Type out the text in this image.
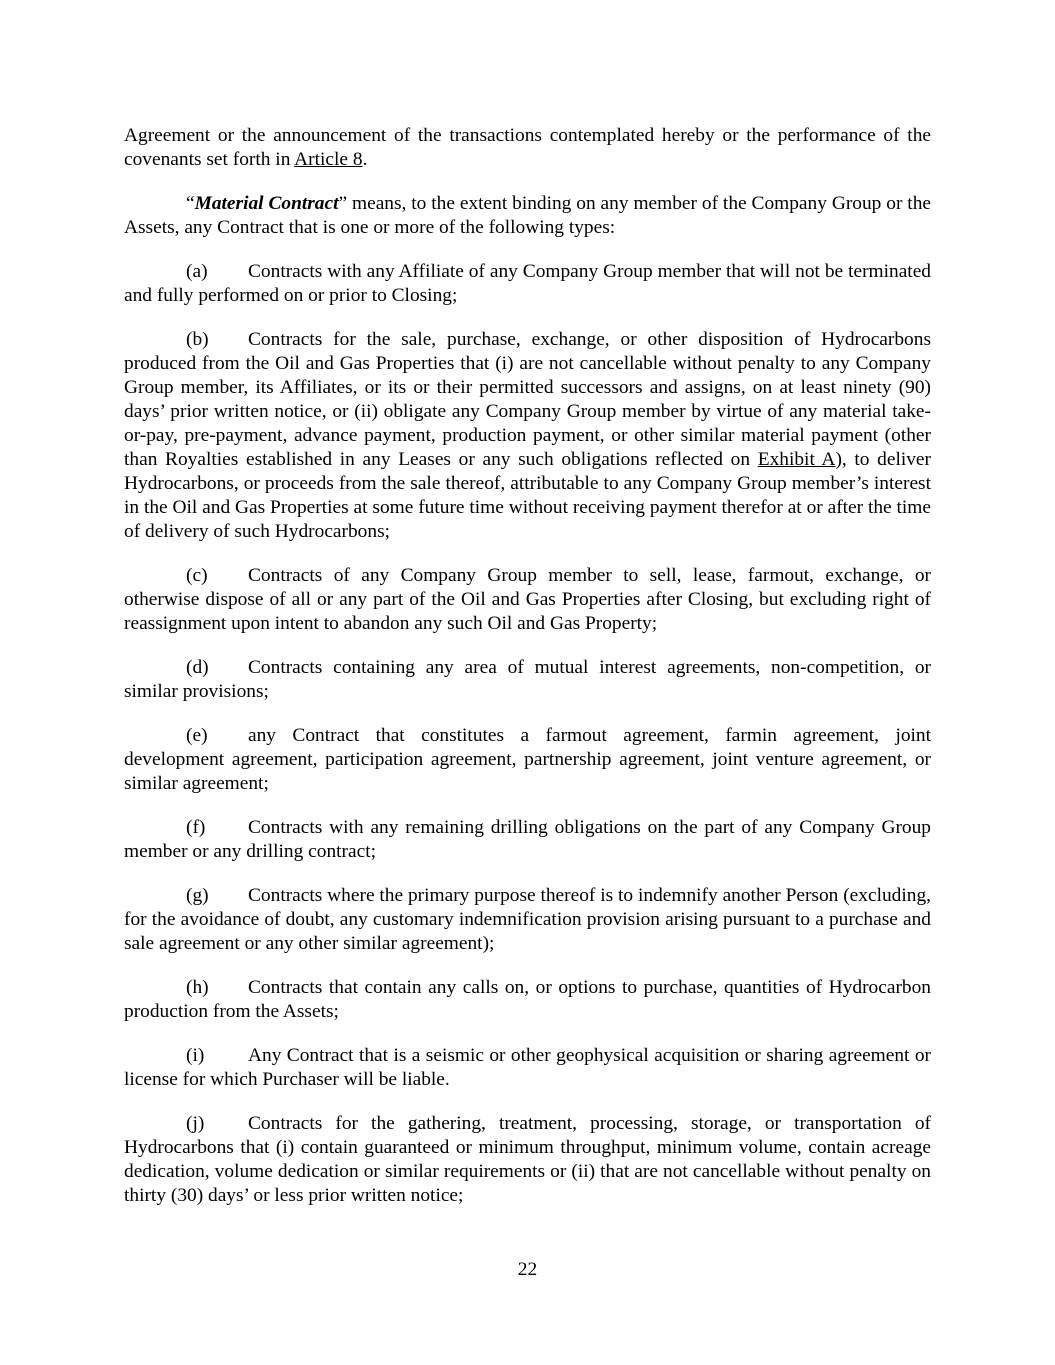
Agreement or the announcement of the transactions contemplated hereby or the performance of the covenants set forth in Article 8.

“Material Contract” means, to the extent binding on any member of the Company Group or the Assets, any Contract that is one or more of the following types:

(a) Contracts with any Affiliate of any Company Group member that will not be terminated and fully performed on or prior to Closing;

(b) Contracts for the sale, purchase, exchange, or other disposition of Hydrocarbons produced from the Oil and Gas Properties that (i) are not cancellable without penalty to any Company Group member, its Affiliates, or its or their permitted successors and assigns, on at least ninety (90) days’ prior written notice, or (ii) obligate any Company Group member by virtue of any material take-or-pay, pre-payment, advance payment, production payment, or other similar material payment (other than Royalties established in any Leases or any such obligations reflected on Exhibit A), to deliver Hydrocarbons, or proceeds from the sale thereof, attributable to any Company Group member’s interest in the Oil and Gas Properties at some future time without receiving payment therefor at or after the time of delivery of such Hydrocarbons;

(c) Contracts of any Company Group member to sell, lease, farmout, exchange, or otherwise dispose of all or any part of the Oil and Gas Properties after Closing, but excluding right of reassignment upon intent to abandon any such Oil and Gas Property;

(d) Contracts containing any area of mutual interest agreements, non-competition, or similar provisions;

(e) any Contract that constitutes a farmout agreement, farmin agreement, joint development agreement, participation agreement, partnership agreement, joint venture agreement, or similar agreement;

(f) Contracts with any remaining drilling obligations on the part of any Company Group member or any drilling contract;

(g) Contracts where the primary purpose thereof is to indemnify another Person (excluding, for the avoidance of doubt, any customary indemnification provision arising pursuant to a purchase and sale agreement or any other similar agreement);

(h) Contracts that contain any calls on, or options to purchase, quantities of Hydrocarbon production from the Assets;

(i) Any Contract that is a seismic or other geophysical acquisition or sharing agreement or license for which Purchaser will be liable.

(j) Contracts for the gathering, treatment, processing, storage, or transportation of Hydrocarbons that (i) contain guaranteed or minimum throughput, minimum volume, contain acreage dedication, volume dedication or similar requirements or (ii) that are not cancellable without penalty on thirty (30) days’ or less prior written notice;

22
